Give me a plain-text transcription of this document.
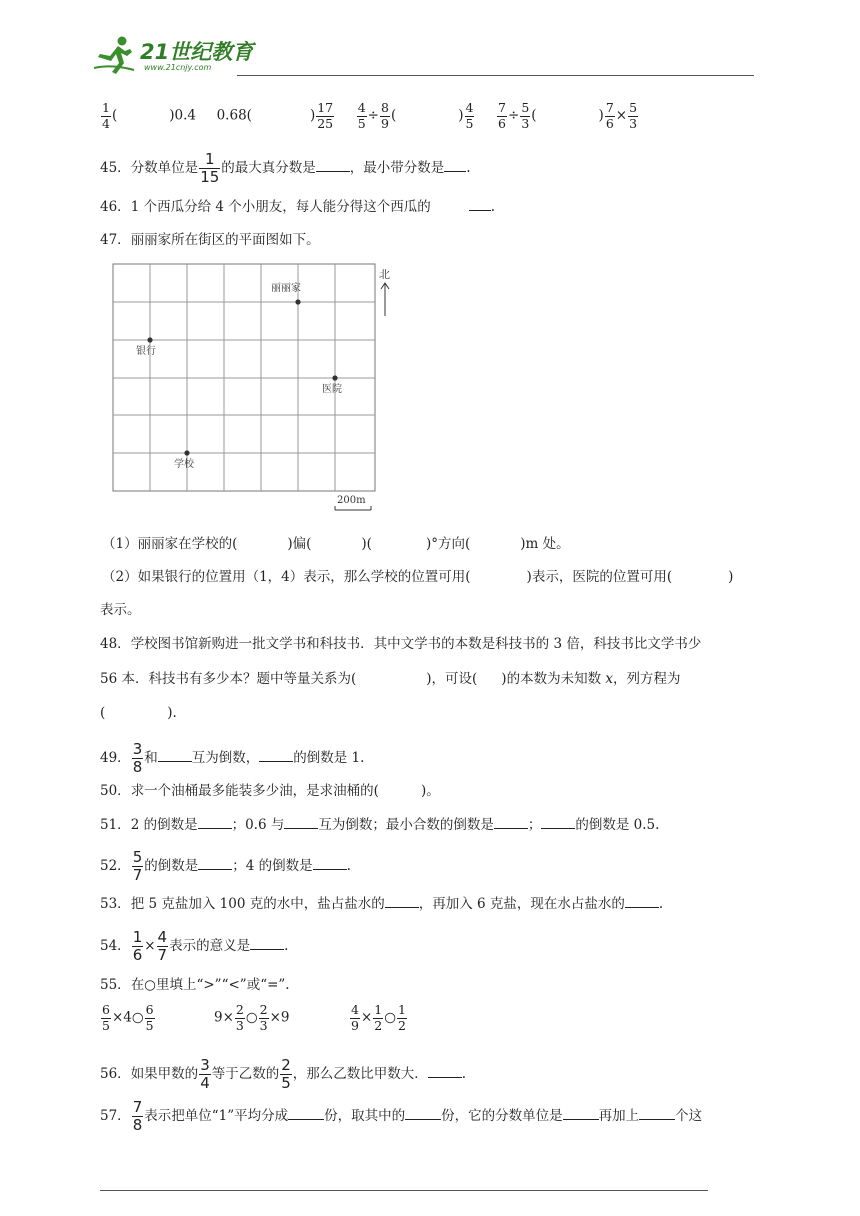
21世纪教育
www.21cnjy.com
$\frac{1}{4}$ (	)0.4 0.68(	) $\frac{17}{25}$
$\frac{4}{5} \div \frac{8}{9}$ (	) $\frac{4}{5}$
$\frac{7}{6} \div \frac{5}{3}$ (	) $\frac{7}{6} \times \frac{5}{3}$
45．分数单位是 $\frac{1}{15}$ 的最大真分数是	，最小带分数是 .
46．1 个西瓜分给 4 个小朋友，每人能分得这个西瓜的	.
47．丽丽家所在街区的平面图如下。
丽丽家
银行
医院
学校
北
200m
（1）丽丽家在学校的(	)偏(	)(	)°方向(	)m 处。
（2）如果银行的位置用（1，4）表示，那么学校的位置可用(	)表示，医院的位置可用(	)
表示。
48．学校图书馆新购进一批文学书和科技书．其中文学书的本数是科技书的 3 倍，科技书比文学书少
56 本．科技书有多少本？题中等量关系为(	)，可设( )的本数为未知数 x，列方程为
(	).
49． $\frac{3}{8}$ 和	互为倒数，	的倒数是 1.
50．求一个油桶最多能装多少油，是求油桶的(	)。
51．2 的倒数是	；0.6 与	互为倒数；最小合数的倒数是	；	的倒数是 0.5.
52． $\frac{5}{7}$ 的倒数是	；4 的倒数是	.
53．把 5 克盐加入 100 克的水中，盐占盐水的	，再加入 6 克盐，现在水占盐水的	.
54． $\frac{1}{6} \times \frac{4}{7}$ 表示的意义是	.
55．在○里填上“>”“<”或“=”.
$\frac{6}{5}$ ×4○ $\frac{6}{5}$	$9\times \frac{2}{3}$ ○ $\frac{2}{3} \times 9$	$\frac{4}{9} \times \frac{1}{2}$ ○ $\frac{1}{2}$
56．如果甲数的 $\frac{3}{4}$ 等于乙数的 $\frac{2}{5}$ ，那么乙数比甲数大．	.
57． $\frac{7}{8}$ 表示把单位“1”平均分成	份，取其中的	份，它的分数单位是	再加上	个这
